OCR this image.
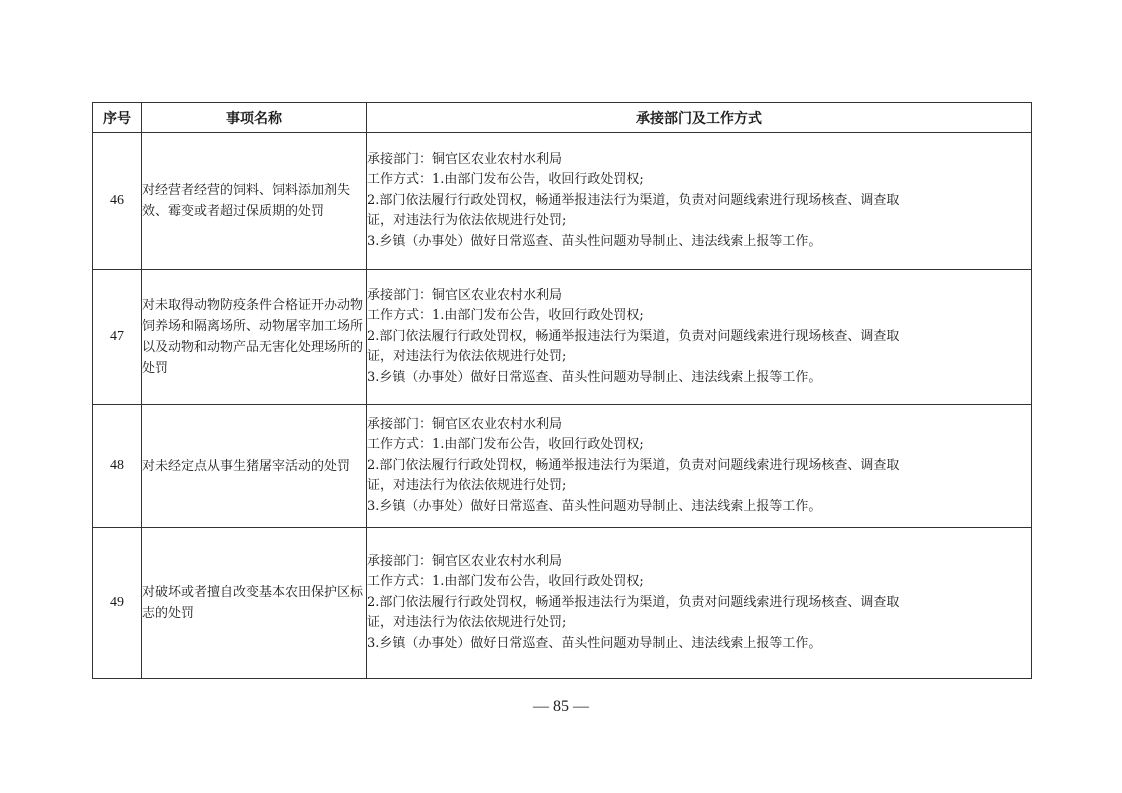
序号	事项名称	承接部门及工作方式
46	对经营者经营的饲料、饲料添加剂失效、霉变或者超过保质期的处罚	承接部门：铜官区农业农村水利局
工作方式：1.由部门发布公告，收回行政处罚权;
2.部门依法履行行政处罚权，畅通举报违法行为渠道，负责对问题线索进行现场核查、调查取
证，对违法行为依法依规进行处罚;
3.乡镇（办事处）做好日常巡查、苗头性问题劝导制止、违法线索上报等工作。

47	对未取得动物防疫条件合格证开办动物饲养场和隔离场所、动物屠宰加工场所以及动物和动物产品无害化处理场所的处罚	承接部门：铜官区农业农村水利局
工作方式：1.由部门发布公告，收回行政处罚权;
2.部门依法履行行政处罚权，畅通举报违法行为渠道，负责对问题线索进行现场核查、调查取
证，对违法行为依法依规进行处罚;
3.乡镇（办事处）做好日常巡查、苗头性问题劝导制止、违法线索上报等工作。

48	对未经定点从事生猪屠宰活动的处罚	承接部门：铜官区农业农村水利局
工作方式：1.由部门发布公告，收回行政处罚权;
2.部门依法履行行政处罚权，畅通举报违法行为渠道，负责对问题线索进行现场核查、调查取
证，对违法行为依法依规进行处罚;
3.乡镇（办事处）做好日常巡查、苗头性问题劝导制止、违法线索上报等工作。

49	对破坏或者擅自改变基本农田保护区标志的处罚	承接部门：铜官区农业农村水利局
工作方式：1.由部门发布公告，收回行政处罚权;
2.部门依法履行行政处罚权，畅通举报违法行为渠道，负责对问题线索进行现场核查、调查取
证，对违法行为依法依规进行处罚;
3.乡镇（办事处）做好日常巡查、苗头性问题劝导制止、违法线索上报等工作。
— 85 —
